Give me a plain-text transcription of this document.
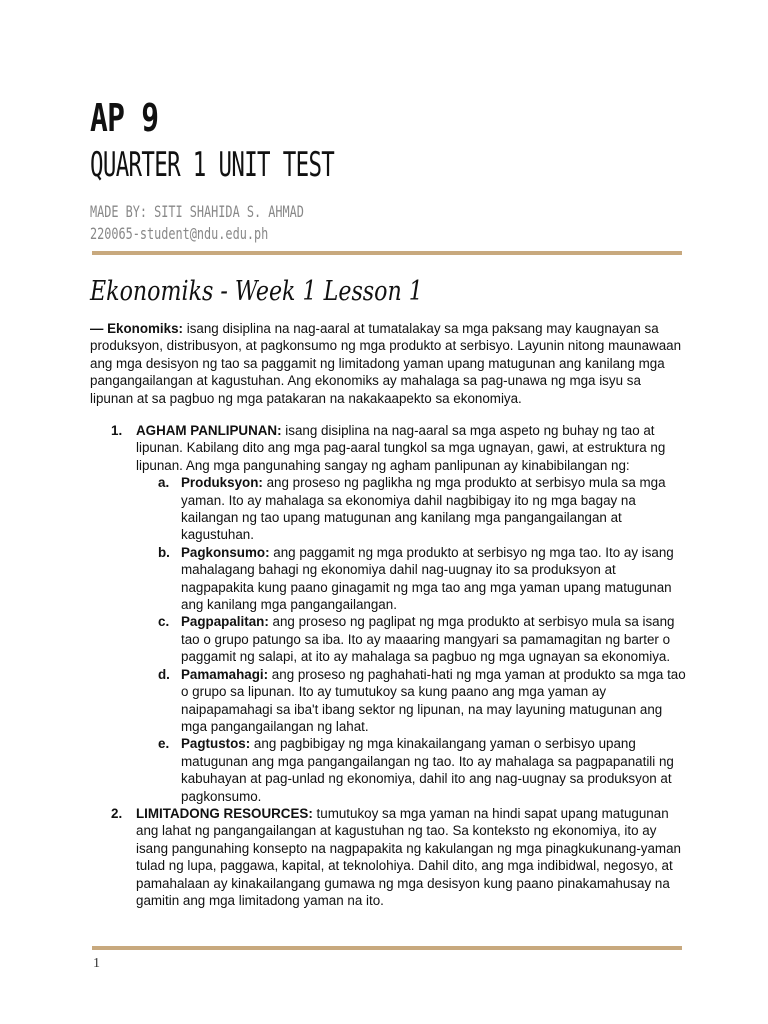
AP 9
QUARTER 1 UNIT TEST
MADE BY: SITI SHAHIDA S. AHMAD
220065-student@ndu.edu.ph
Ekonomiks - Week 1 Lesson 1

— Ekonomiks: isang disiplina na nag-aaral at tumatalakay sa mga paksang may kaugnayan sa produksyon, distribusyon, at pagkonsumo ng mga produkto at serbisyo. Layunin nitong maunawaan ang mga desisyon ng tao sa paggamit ng limitadong yaman upang matugunan ang kanilang mga pangangailangan at kagustuhan. Ang ekonomiks ay mahalaga sa pag-unawa ng mga isyu sa lipunan at sa pagbuo ng mga patakaran na nakakaapekto sa ekonomiya.

1. AGHAM PANLIPUNAN: isang disiplina na nag-aaral sa mga aspeto ng buhay ng tao at lipunan. Kabilang dito ang mga pag-aaral tungkol sa mga ugnayan, gawi, at estruktura ng lipunan. Ang mga pangunahing sangay ng agham panlipunan ay kinabibilangan ng:
a. Produksyon: ang proseso ng paglikha ng mga produkto at serbisyo mula sa mga yaman. Ito ay mahalaga sa ekonomiya dahil nagbibigay ito ng mga bagay na kailangan ng tao upang matugunan ang kanilang mga pangangailangan at kagustuhan.
b. Pagkonsumo: ang paggamit ng mga produkto at serbisyo ng mga tao. Ito ay isang mahalagang bahagi ng ekonomiya dahil nag-uugnay ito sa produksyon at nagpapakita kung paano ginagamit ng mga tao ang mga yaman upang matugunan ang kanilang mga pangangailangan.
c. Pagpapalitan: ang proseso ng paglipat ng mga produkto at serbisyo mula sa isang tao o grupo patungo sa iba. Ito ay maaaring mangyari sa pamamagitan ng barter o paggamit ng salapi, at ito ay mahalaga sa pagbuo ng mga ugnayan sa ekonomiya.
d. Pamamahagi: ang proseso ng paghahati-hati ng mga yaman at produkto sa mga tao o grupo sa lipunan. Ito ay tumutukoy sa kung paano ang mga yaman ay naipapamahagi sa iba't ibang sektor ng lipunan, na may layuning matugunan ang mga pangangailangan ng lahat.
e. Pagtustos: ang pagbibigay ng mga kinakailangang yaman o serbisyo upang matugunan ang mga pangangailangan ng tao. Ito ay mahalaga sa pagpapanatili ng kabuhayan at pag-unlad ng ekonomiya, dahil ito ang nag-uugnay sa produksyon at pagkonsumo.
2. LIMITADONG RESOURCES: tumutukoy sa mga yaman na hindi sapat upang matugunan ang lahat ng pangangailangan at kagustuhan ng tao. Sa konteksto ng ekonomiya, ito ay isang pangunahing konsepto na nagpapakita ng kakulangan ng mga pinagkukunang-yaman tulad ng lupa, paggawa, kapital, at teknolohiya. Dahil dito, ang mga indibidwal, negosyo, at pamahalaan ay kinakailangang gumawa ng mga desisyon kung paano pinakamahusay na gamitin ang mga limitadong yaman na ito.
1
